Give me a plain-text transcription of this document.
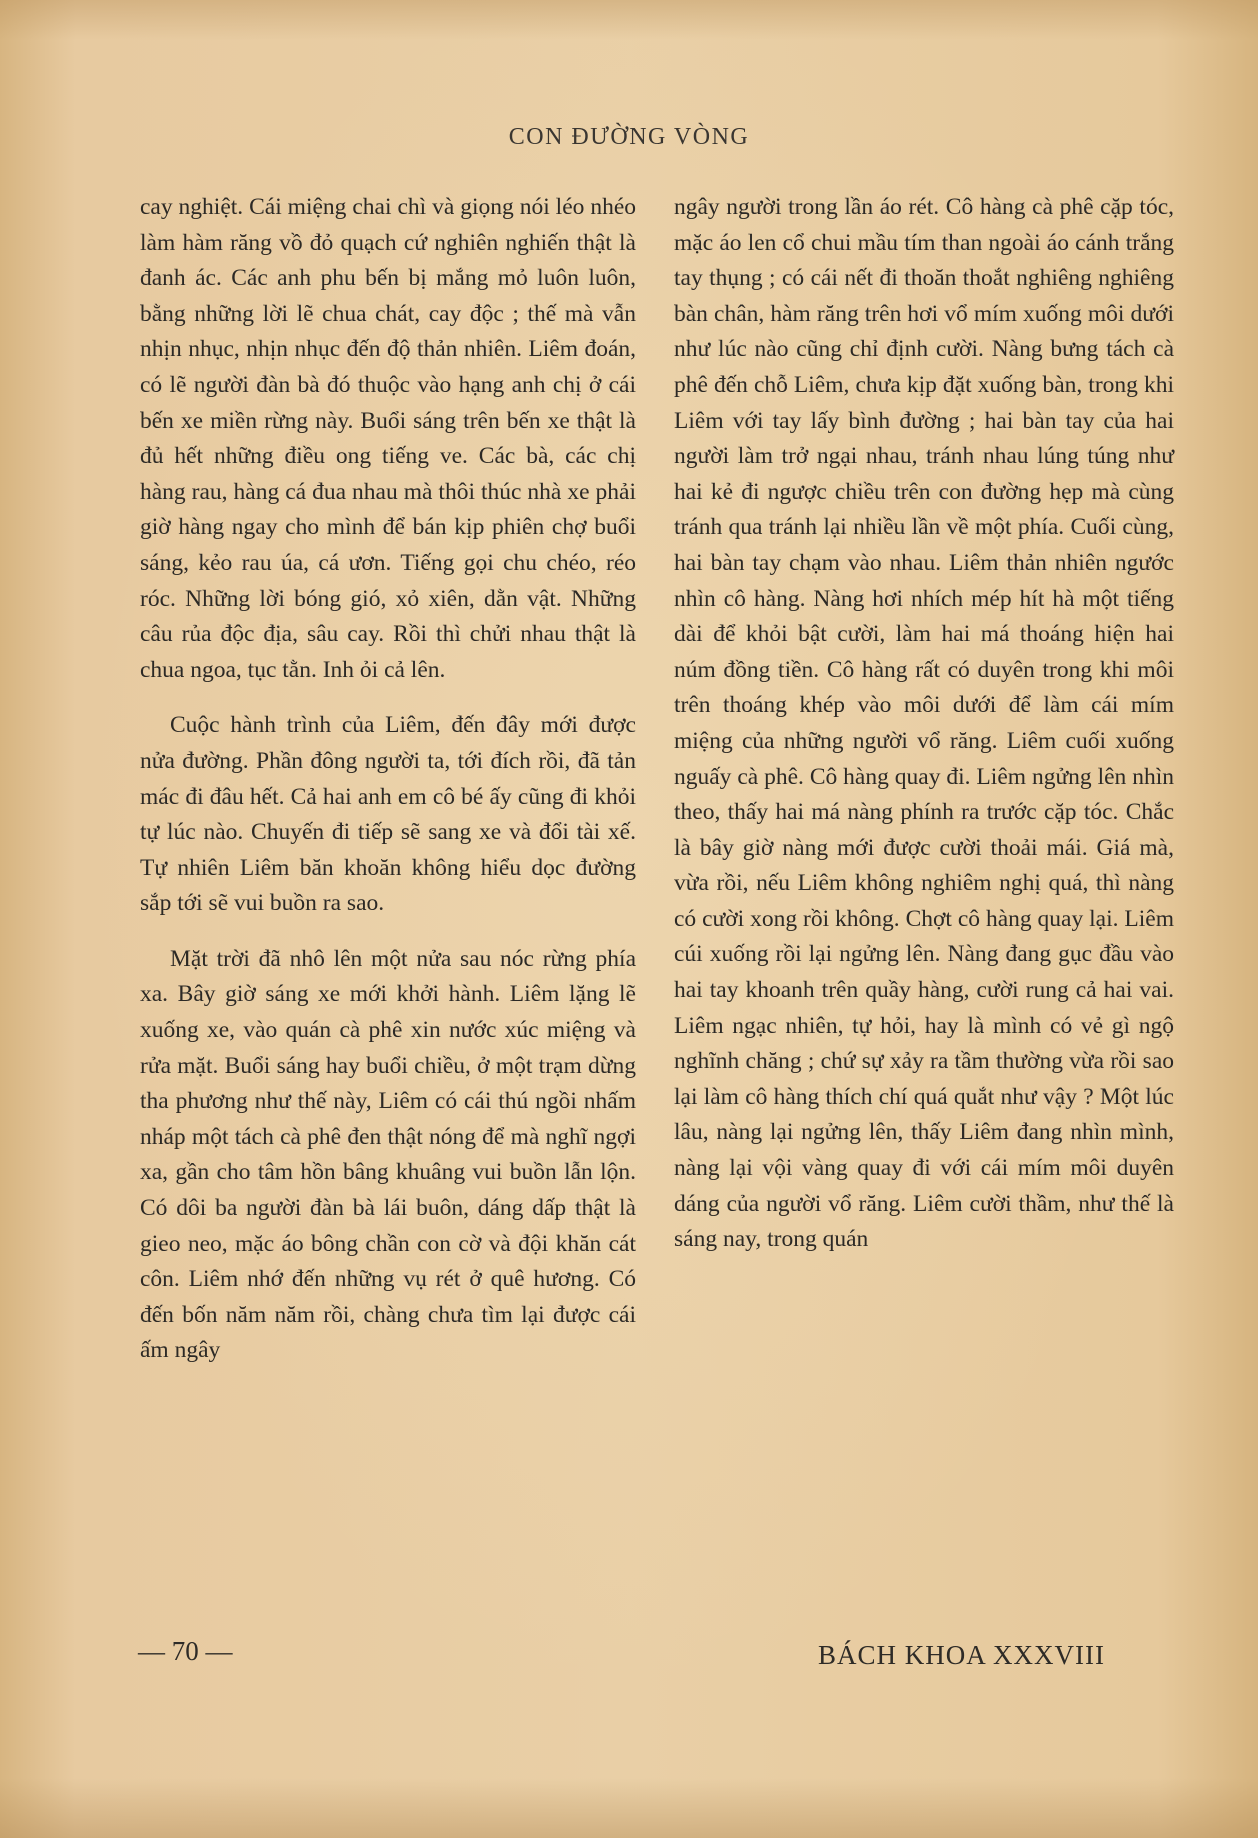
CON ĐƯỜNG VÒNG

cay nghiệt. Cái miệng chai chì và giọng nói léo nhéo làm hàm răng vồ đỏ quạch cứ nghiên nghiến thật là đanh ác. Các anh phu bến bị mắng mỏ luôn luôn, bằng những lời lẽ chua chát, cay độc ; thế mà vẫn nhịn nhục, nhịn nhục đến độ thản nhiên. Liêm đoán, có lẽ người đàn bà đó thuộc vào hạng anh chị ở cái bến xe miền rừng này. Buổi sáng trên bến xe thật là đủ hết những điều ong tiếng ve. Các bà, các chị hàng rau, hàng cá đua nhau mà thôi thúc nhà xe phải giờ hàng ngay cho mình để bán kịp phiên chợ buổi sáng, kẻo rau úa, cá ươn. Tiếng gọi chu chéo, réo róc. Những lời bóng gió, xỏ xiên, dằn vật. Những câu rủa độc địa, sâu cay. Rồi thì chửi nhau thật là chua ngoa, tục tằn. Inh ỏi cả lên.

Cuộc hành trình của Liêm, đến đây mới được nửa đường. Phần đông người ta, tới đích rồi, đã tản mác đi đâu hết. Cả hai anh em cô bé ấy cũng đi khỏi tự lúc nào. Chuyến đi tiếp sẽ sang xe và đổi tài xế. Tự nhiên Liêm băn khoăn không hiểu dọc đường sắp tới sẽ vui buồn ra sao.

Mặt trời đã nhô lên một nửa sau nóc rừng phía xa. Bây giờ sáng xe mới khởi hành. Liêm lặng lẽ xuống xe, vào quán cà phê xin nước xúc miệng và rửa mặt. Buổi sáng hay buổi chiều, ở một trạm dừng tha phương như thế này, Liêm có cái thú ngồi nhấm nháp một tách cà phê đen thật nóng để mà nghĩ ngợi xa, gần cho tâm hồn bâng khuâng vui buồn lẫn lộn. Có dôi ba người đàn bà lái buôn, dáng dấp thật là gieo neo, mặc áo bông chần con cờ và đội khăn cát côn. Liêm nhớ đến những vụ rét ở quê hương. Có đến bốn năm năm rồi, chàng chưa tìm lại được cái ấm ngây

ngây người trong lần áo rét. Cô hàng cà phê cặp tóc, mặc áo len cổ chui mầu tím than ngoài áo cánh trắng tay thụng ; có cái nết đi thoăn thoắt nghiêng nghiêng bàn chân, hàm răng trên hơi vổ mím xuống môi dưới như lúc nào cũng chỉ định cười. Nàng bưng tách cà phê đến chỗ Liêm, chưa kịp đặt xuống bàn, trong khi Liêm với tay lấy bình đường ; hai bàn tay của hai người làm trở ngại nhau, tránh nhau lúng túng như hai kẻ đi ngược chiều trên con đường hẹp mà cùng tránh qua tránh lại nhiều lần về một phía. Cuối cùng, hai bàn tay chạm vào nhau. Liêm thản nhiên ngước nhìn cô hàng. Nàng hơi nhích mép hít hà một tiếng dài để khỏi bật cười, làm hai má thoáng hiện hai núm đồng tiền. Cô hàng rất có duyên trong khi môi trên thoáng khép vào môi dưới để làm cái mím miệng của những người vổ răng. Liêm cuối xuống nguấy cà phê. Cô hàng quay đi. Liêm ngửng lên nhìn theo, thấy hai má nàng phính ra trước cặp tóc. Chắc là bây giờ nàng mới được cười thoải mái. Giá mà, vừa rồi, nếu Liêm không nghiêm nghị quá, thì nàng có cười xong rồi không. Chợt cô hàng quay lại. Liêm cúi xuống rồi lại ngửng lên. Nàng đang gục đầu vào hai tay khoanh trên quầy hàng, cười rung cả hai vai. Liêm ngạc nhiên, tự hỏi, hay là mình có vẻ gì ngộ nghĩnh chăng ; chứ sự xảy ra tầm thường vừa rồi sao lại làm cô hàng thích chí quá quắt như vậy ? Một lúc lâu, nàng lại ngửng lên, thấy Liêm đang nhìn mình, nàng lại vội vàng quay đi với cái mím môi duyên dáng của người vổ răng. Liêm cười thầm, như thế là sáng nay, trong quán

— 70 —	BÁCH KHOA XXXVIII
